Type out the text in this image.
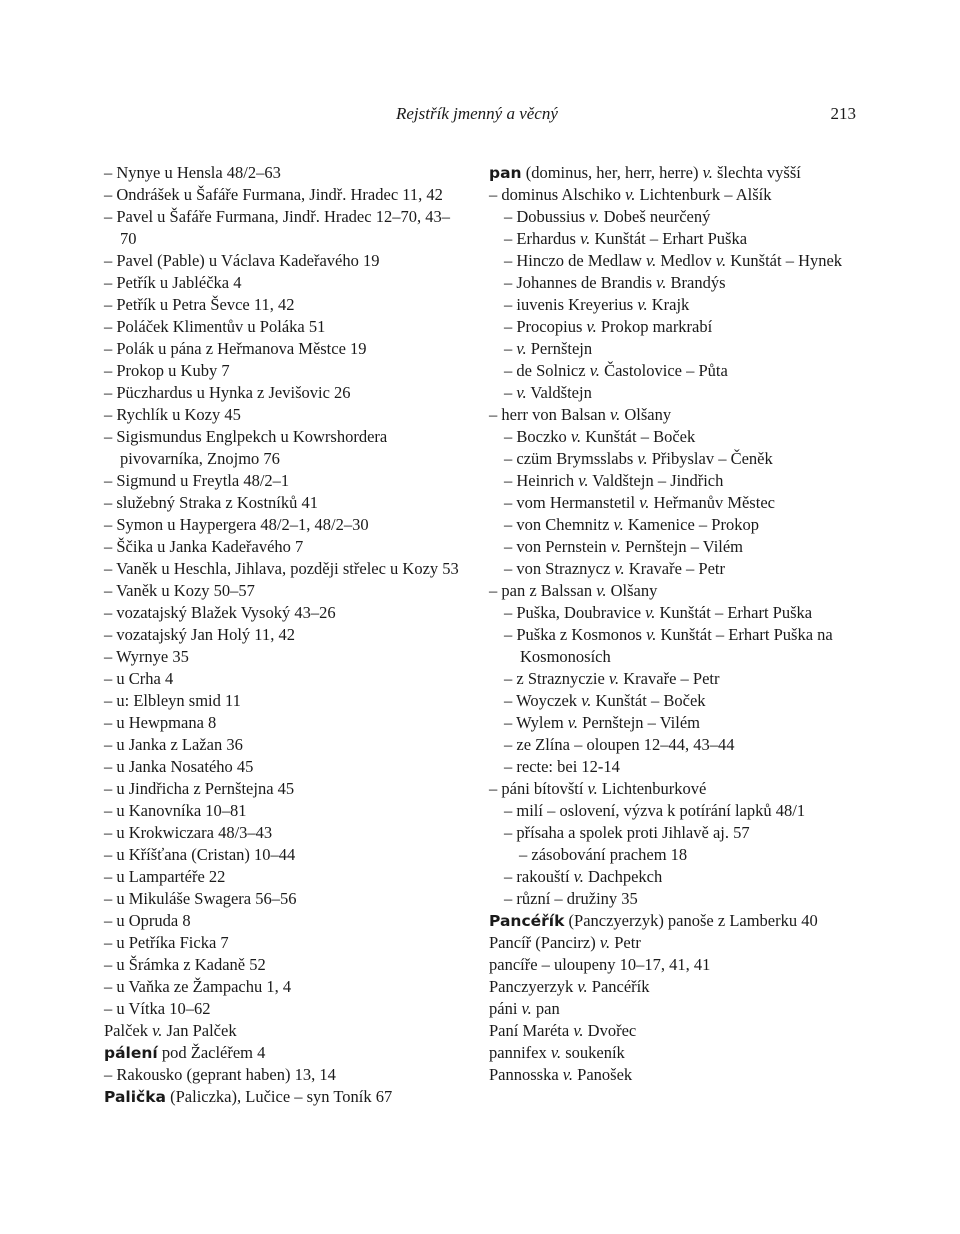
Rejstřík jmenný a věcný	213
– Nynye u Hensla 48/2–63
– Ondrášek u Šafáře Furmana, Jindř. Hradec 11, 42
– Pavel u Šafáře Furmana, Jindř. Hradec 12–70, 43–70
– Pavel (Pable) u Václava Kadeřavého 19
– Petřík u Jabléčka 4
– Petřík u Petra Ševce 11, 42
– Poláček Klimentův u Poláka 51
– Polák u pána z Heřmanova Městce 19
– Prokop u Kuby 7
– Püczhardus u Hynka z Jevišovic 26
– Rychlík u Kozy 45
– Sigismundus Englpekch u Kowrshordera pivovarníka, Znojmo 76
– Sigmund u Freytla 48/2–1
– služebný Straka z Kostníků 41
– Symon u Haypergera 48/2–1, 48/2–30
– Ščika u Janka Kadeřavého 7
– Vaněk u Heschla, Jihlava, později střelec u Kozy 53
– Vaněk u Kozy 50–57
– vozatajský Blažek Vysoký 43–26
– vozatajský Jan Holý 11, 42
– Wyrnye 35
– u Crha 4
– u: Elbleyn smid 11
– u Hewpmana 8
– u Janka z Lažan 36
– u Janka Nosatého 45
– u Jindřicha z Pernštejna 45
– u Kanovníka 10–81
– u Krokwiczara 48/3–43
– u Kříšťana (Cristan) 10–44
– u Lampartéře 22
– u Mikuláše Swagera 56–56
– u Opruda 8
– u Petříka Ficka 7
– u Šrámka z Kadaně 52
– u Vaňka ze Žampachu 1, 4
– u Vítka 10–62
Palček v. Jan Palček
pálení pod Žacléřem 4
– Rakousko (geprant haben) 13, 14
Palička (Paliczka), Lučice – syn Toník 67
pan (dominus, her, herr, herre) v. šlechta vyšší
– dominus Alschiko v. Lichtenburk – Alšík
– Dobussius v. Dobeš neurčený
– Erhardus v. Kunštát – Erhart Puška
– Hinczo de Medlaw v. Medlov v. Kunštát – Hynek
– Johannes de Brandis v. Brandýs
– iuvenis Kreyerius v. Krajk
– Procopius v. Prokop markrabí
– v. Pernštejn
– de Solnicz v. Častolovice – Půta
– v. Valdštejn
– herr von Balsan v. Olšany
– Boczko v. Kunštát – Boček
– czüm Brymsslabs v. Přibyslav – Čeněk
– Heinrich v. Valdštejn – Jindřich
– vom Hermanstetil v. Heřmanův Městec
– von Chemnitz v. Kamenice – Prokop
– von Pernstein v. Pernštejn – Vilém
– von Straznycz v. Kravaře – Petr
– pan z Balssan v. Olšany
– Puška, Doubravice v. Kunštát – Erhart Puška
– Puška z Kosmonos v. Kunštát – Erhart Puška na Kosmonosích
– z Straznyczie v. Kravaře – Petr
– Woyczek v. Kunštát – Boček
– Wylem v. Pernštejn – Vilém
– ze Zlína – oloupen 12–44, 43–44
– recte: bei 12-14
– páni bítovští v. Lichtenburkové
– milí – oslovení, výzva k potírání lapků 48/1
– přísaha a spolek proti Jihlavě aj. 57
– zásobování prachem 18
– rakouští v. Dachpekch
– různí – družiny 35
Pancéřík (Panczyerzyk) panoše z Lamberku 40
Pancíř (Pancirz) v. Petr
pancíře – uloupeny 10–17, 41, 41
Panczyerzyk v. Pancéřík
páni v. pan
Paní Maréta v. Dvořec
pannifex v. soukeník
Pannosska v. Panošek
